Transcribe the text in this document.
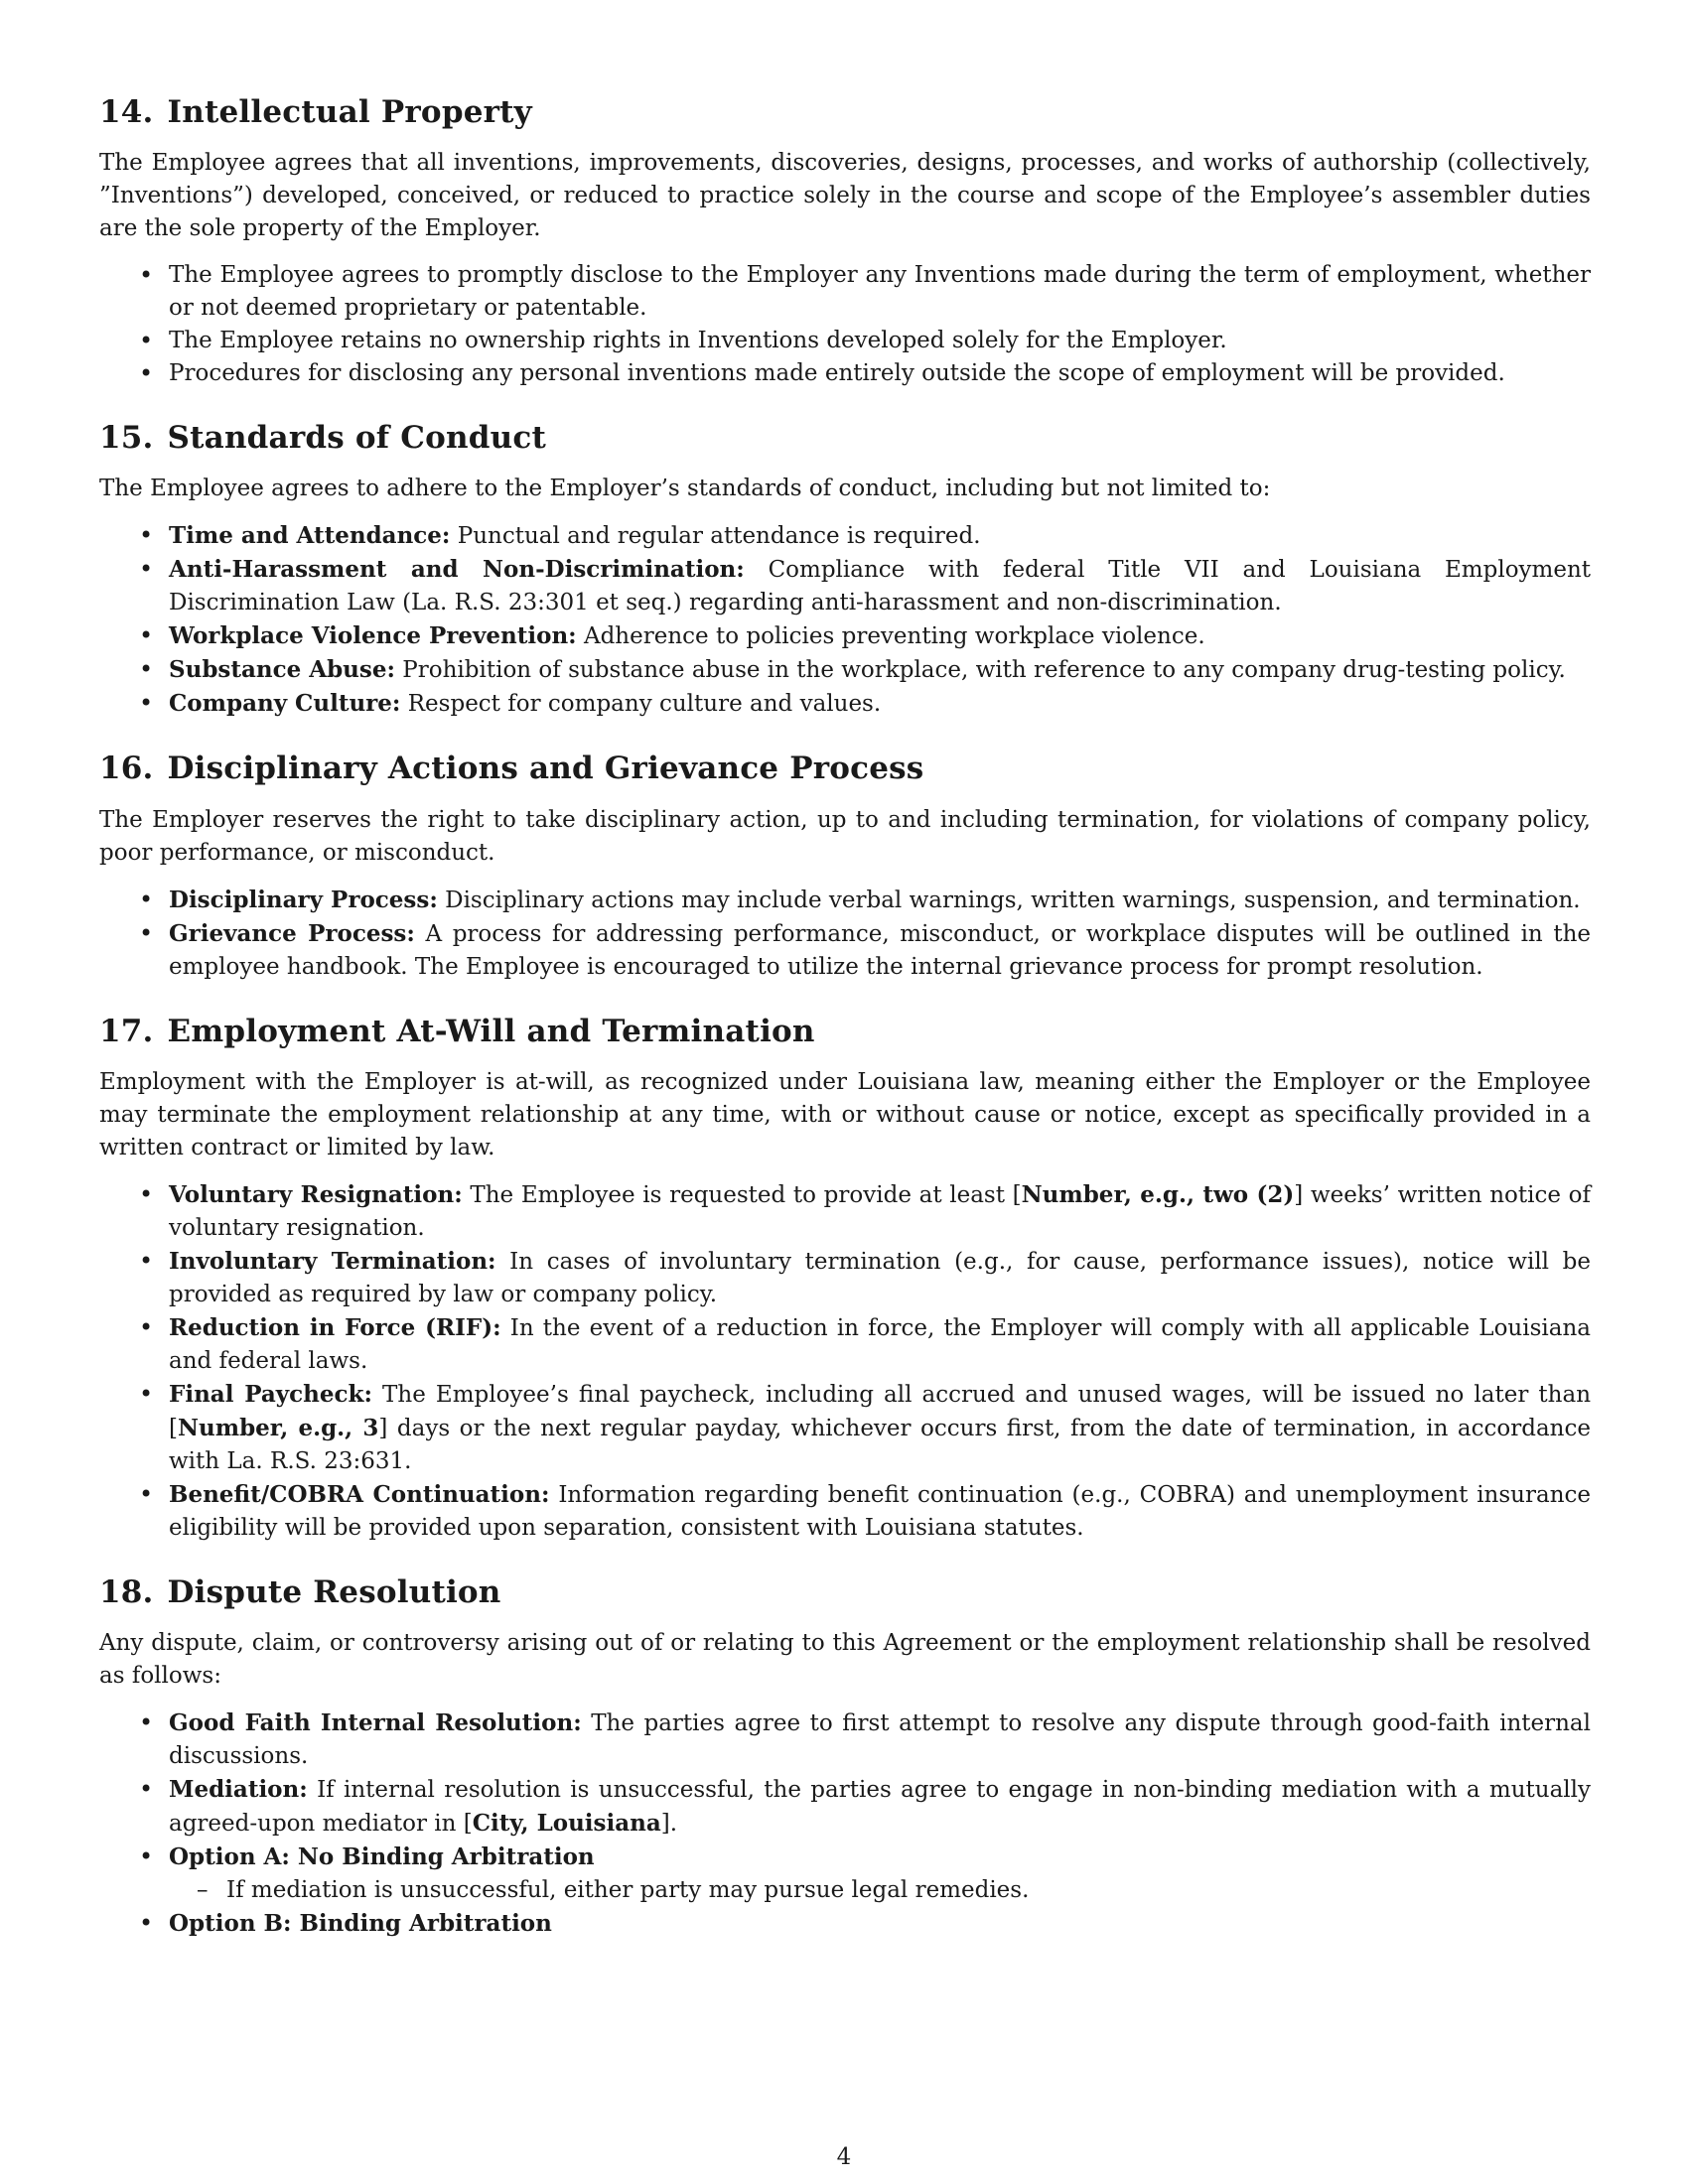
14. Intellectual Property

The Employee agrees that all inventions, improvements, discoveries, designs, processes, and works of authorship (collectively, ”Inventions”) developed, conceived, or reduced to practice solely in the course and scope of the Employee’s assembler duties are the sole property of the Employer.

• The Employee agrees to promptly disclose to the Employer any Inventions made during the term of employment, whether or not deemed proprietary or patentable.
• The Employee retains no ownership rights in Inventions developed solely for the Employer.
• Procedures for disclosing any personal inventions made entirely outside the scope of employment will be provided.
15. Standards of Conduct

The Employee agrees to adhere to the Employer’s standards of conduct, including but not limited to:

• Time and Attendance: Punctual and regular attendance is required.
• Anti-Harassment and Non-Discrimination: Compliance with federal Title VII and Louisiana Employment Discrimination Law (La. R.S. 23:301 et seq.) regarding anti-harassment and non-discrimination.
• Workplace Violence Prevention: Adherence to policies preventing workplace violence.
• Substance Abuse: Prohibition of substance abuse in the workplace, with reference to any company drug-testing policy.
• Company Culture: Respect for company culture and values.
16. Disciplinary Actions and Grievance Process

The Employer reserves the right to take disciplinary action, up to and including termination, for violations of company policy, poor performance, or misconduct.

• Disciplinary Process: Disciplinary actions may include verbal warnings, written warnings, suspension, and termination.
• Grievance Process: A process for addressing performance, misconduct, or workplace disputes will be outlined in the employee handbook. The Employee is encouraged to utilize the internal grievance process for prompt resolution.
17. Employment At-Will and Termination

Employment with the Employer is at-will, as recognized under Louisiana law, meaning either the Employer or the Employee may terminate the employment relationship at any time, with or without cause or notice, except as specifically provided in a written contract or limited by law.

• Voluntary Resignation: The Employee is requested to provide at least [Number, e.g., two (2)] weeks’ written notice of voluntary resignation.
• Involuntary Termination: In cases of involuntary termination (e.g., for cause, performance issues), notice will be provided as required by law or company policy.
• Reduction in Force (RIF): In the event of a reduction in force, the Employer will comply with all applicable Louisiana and federal laws.
• Final Paycheck: The Employee’s final paycheck, including all accrued and unused wages, will be issued no later than [Number, e.g., 3] days or the next regular payday, whichever occurs first, from the date of termination, in accordance with La. R.S. 23:631.
• Benefit/COBRA Continuation: Information regarding benefit continuation (e.g., COBRA) and unemployment insurance eligibility will be provided upon separation, consistent with Louisiana statutes.
18. Dispute Resolution

Any dispute, claim, or controversy arising out of or relating to this Agreement or the employment relationship shall be resolved as follows:

• Good Faith Internal Resolution: The parties agree to first attempt to resolve any dispute through good-faith internal discussions.
• Mediation: If internal resolution is unsuccessful, the parties agree to engage in non-binding mediation with a mutually agreed-upon mediator in [City, Louisiana].
• Option A: No Binding Arbitration
– If mediation is unsuccessful, either party may pursue legal remedies.
• Option B: Binding Arbitration
4
